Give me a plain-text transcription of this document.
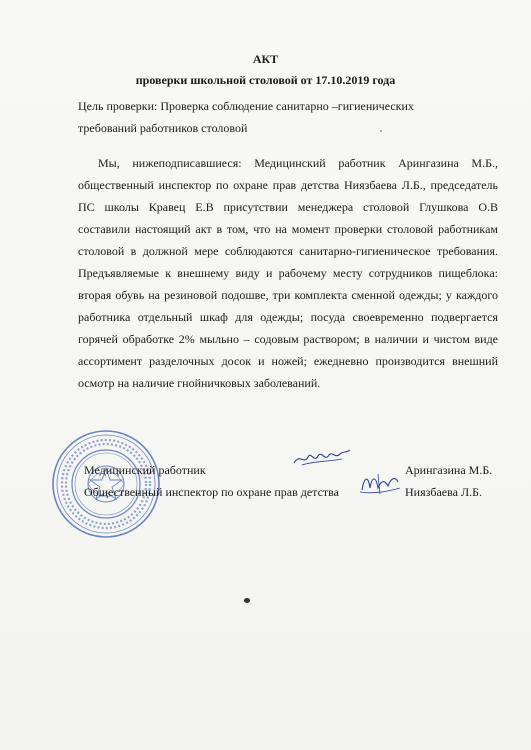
АКТ
проверки школьной столовой от 17.10.2019 года

Цель проверки: Проверка соблюдение санитарно –гигиенических
требований работников столовой

Мы, нижеподписавшиеся: Медицинский работник Арингазина М.Б., общественный инспектор по охране прав детства Ниязбаева Л.Б., председатель ПС школы Кравец Е.В присутствии менеджера столовой Глушкова О.В составили настоящий акт в том, что на момент проверки столовой работникам столовой в должной мере соблюдаются санитарно-гигиеническое требования. Предъявляемые к внешнему виду и рабочему месту сотрудников пищеблока: вторая обувь на резиновой подошве, три комплекта сменной одежды; у каждого работника отдельный шкаф для одежды; посуда своевременно подвергается горячей обработке 2% мыльно – содовым раствором; в наличии и чистом виде ассортимент разделочных досок и ножей; ежедневно производится внешний осмотр на наличие гнойничковых заболеваний.

Медицинский работник	Арингазина М.Б.
Общественный инспектор по охране прав детства	Ниязбаева Л.Б.
